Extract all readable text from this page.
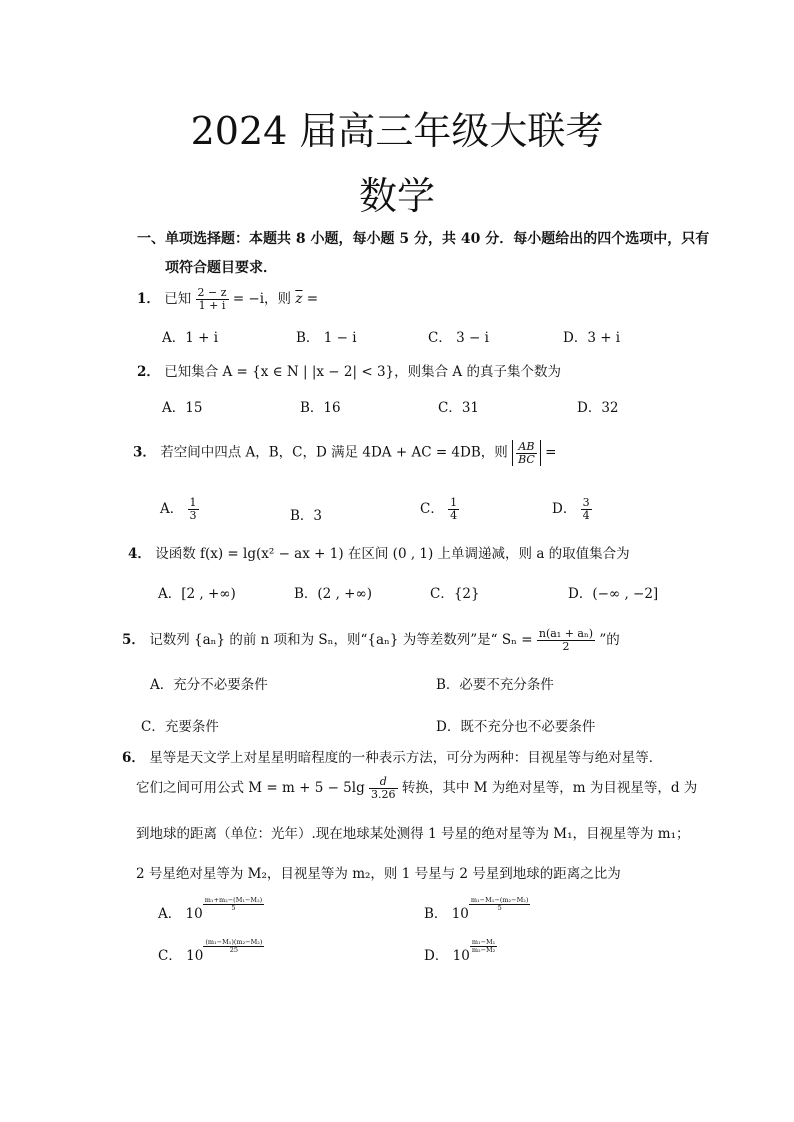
2024 届高三年级大联考
数学
一、单项选择题：本题共 8 小题，每小题 5 分，共 40 分．每小题给出的四个选项中，只有
项符合题目要求．
1． 已知 $\frac{2 - z}{1 + i} = -i$，则 $\overline{z}$ =
A．1 + i	B． 1 − i	C． 3 − i	D．3 + i
2． 已知集合 A = {x ∈ N | |x − 2| < 3}，则集合 A 的真子集个数为
A．15	B．16	C．31	D．32
3． 若空间中四点 A，B，C，D 满足 4DA + AC = 4DB，则 $\frac{AB}{BC}$ =
A． $\frac{1}{3}$	B．3	C． $\frac{1}{4}$	D． $\frac{3}{4}$
4． 设函数 f(x) = lg(x² − ax + 1) 在区间 (0 , 1) 上单调递减，则 a 的取值集合为
A．[2 , +∞)	B．(2 , +∞)	C．{2}	D．(−∞ , −2]
5． 记数列 {aₙ} 的前 n 项和为 Sₙ，则“{aₙ} 为等差数列”是“ $S_n = \frac{\text{n(a₁ + aₙ)}}{2}$ ”的
A．充分不必要条件	B．必要不充分条件
C．充要条件	D．既不充分也不必要条件
6． 星等是天文学上对星星明暗程度的一种表示方法，可分为两种：目视星等与绝对星等．
它们之间可用公式 $M = m + 5 - 5\lg \frac{d}{3.26}$ 转换，其中 M 为绝对星等，m 为目视星等，d 为
到地球的距离（单位：光年）.现在地球某处测得 1 号星的绝对星等为 M₁，目视星等为 m₁；
2 号星绝对星等为 M₂，目视星等为 m₂，则 1 号星与 2 号星到地球的距离之比为
A． 10
$\frac{\text{m₁+m₂−(M₁−M₂)}}{5}$
B． 10
$\frac{\text{m₁−M₁−(m₂−M₂)}}{5}$
C． 10
$\frac{\text{(m₁−M₁)(m₂−M₂)}}{25}$
D． 10
$\frac{\text{m₁−M₁}}{\text{m₂−M₂}}$
